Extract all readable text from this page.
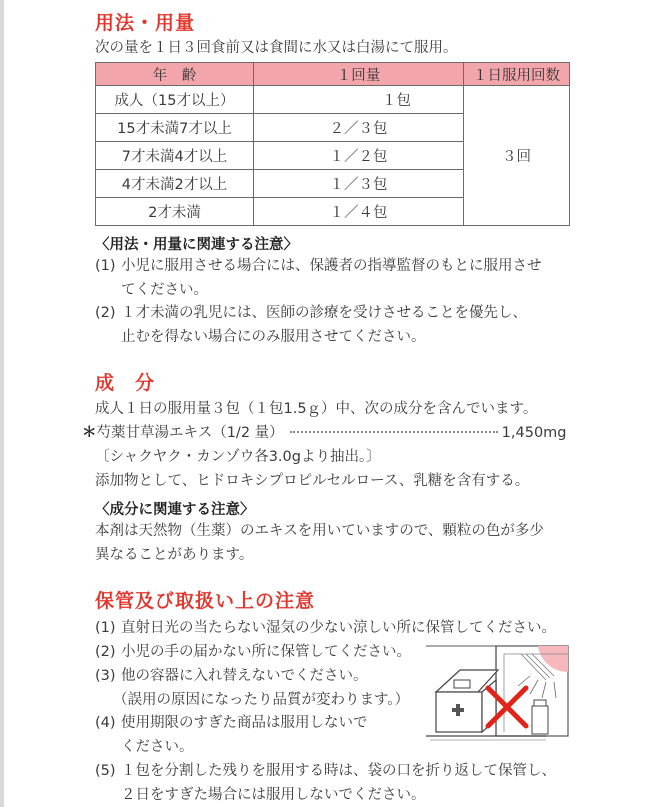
用法・用量
次の量を１日３回食前又は食間に水又は白湯にて服用。
年　齢	１回量	１日服用回数
成人（15才以上）	１包	３回
15才未満7才以上	２／３包	
7才未満4才以上	１／２包	
4才未満2才以上	１／３包	
2才未満	１／４包	
〈用法・用量に関連する注意〉
(1) 小児に服用させる場合には、保護者の指導監督のもとに服用させ
てください。
(2) １才未満の乳児には、医師の診療を受けさせることを優先し、
止むを得ない場合にのみ服用させてください。
成　分
成人１日の服用量３包（１包1.5ｇ）中、次の成分を含んでいます。
＊芍薬甘草湯エキス（1/2 量）	1,450mg
〔シャクヤク・カンゾウ各3.0gより抽出。〕
添加物として、ヒドロキシプロピルセルロース、乳糖を含有する。
〈成分に関連する注意〉
本剤は天然物（生薬）のエキスを用いていますので、顆粒の色が多少
異なることがあります。
保管及び取扱い上の注意
(1) 直射日光の当たらない湿気の少ない涼しい所に保管してください。
(2) 小児の手の届かない所に保管してください。
(3) 他の容器に入れ替えないでください。
（誤用の原因になったり品質が変わります。）
(4) 使用期限のすぎた商品は服用しないで
ください。
(5) １包を分割した残りを服用する時は、袋の口を折り返して保管し、
２日をすぎた場合には服用しないでください。
